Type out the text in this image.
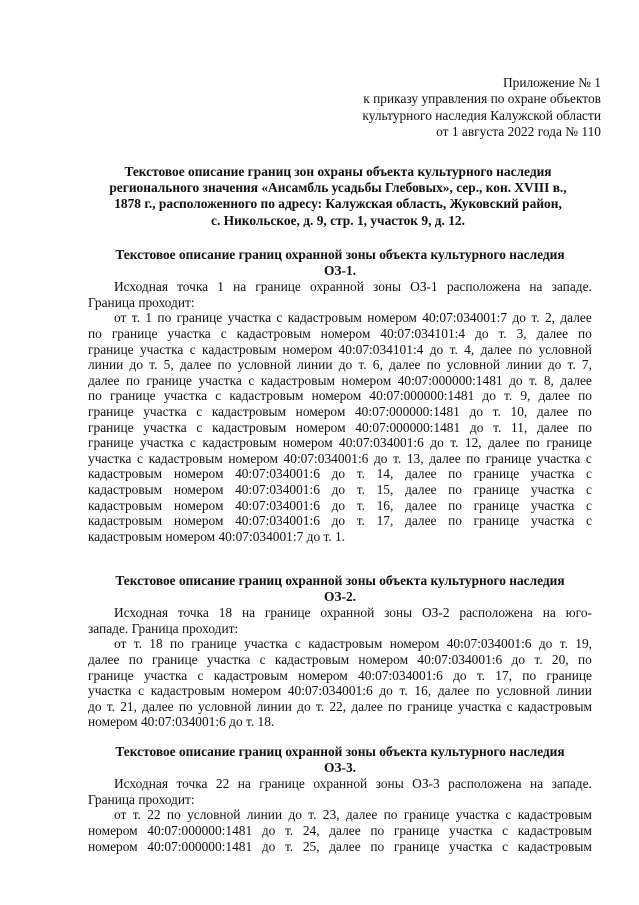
Приложение № 1
к приказу управления по охране объектов
культурного наследия Калужской области
от 1 августа 2022 года № 110
Текстовое описание границ зон охраны объекта культурного наследия
регионального значения «Ансамбль усадьбы Глебовых», сер., кон. XVIII в.,
1878 г., расположенного по адресу: Калужская область, Жуковский район,
с. Никольское, д. 9, стр. 1, участок 9, д. 12.
Текстовое описание границ охранной зоны объекта культурного наследия
ОЗ-1.
Исходная точка 1 на границе охранной зоны ОЗ-1 расположена на западе.
Граница проходит:
от т. 1 по границе участка с кадастровым номером 40:07:034001:7 до т. 2, далее
по границе участка с кадастровым номером 40:07:034101:4 до т. 3, далее по
границе участка с кадастровым номером 40:07:034101:4 до т. 4, далее по условной
линии до т. 5, далее по условной линии до т. 6, далее по условной линии до т. 7,
далее по границе участка с кадастровым номером 40:07:000000:1481 до т. 8, далее
по границе участка с кадастровым номером 40:07:000000:1481 до т. 9, далее по
границе участка с кадастровым номером 40:07:000000:1481 до т. 10, далее по
границе участка с кадастровым номером 40:07:000000:1481 до т. 11, далее по
границе участка с кадастровым номером 40:07:034001:6 до т. 12, далее по границе
участка с кадастровым номером 40:07:034001:6 до т. 13, далее по границе участка с
кадастровым номером 40:07:034001:6 до т. 14, далее по границе участка с
кадастровым номером 40:07:034001:6 до т. 15, далее по границе участка с
кадастровым номером 40:07:034001:6 до т. 16, далее по границе участка с
кадастровым номером 40:07:034001:6 до т. 17, далее по границе участка с
кадастровым номером 40:07:034001:7 до т. 1.
Текстовое описание границ охранной зоны объекта культурного наследия
ОЗ-2.
Исходная точка 18 на границе охранной зоны ОЗ-2 расположена на юго-
западе. Граница проходит:
от т. 18 по границе участка с кадастровым номером 40:07:034001:6 до т. 19,
далее по границе участка с кадастровым номером 40:07:034001:6 до т. 20, по
границе участка с кадастровым номером 40:07:034001:6 до т. 17, по границе
участка с кадастровым номером 40:07:034001:6 до т. 16, далее по условной линии
до т. 21, далее по условной линии до т. 22, далее по границе участка с кадастровым
номером 40:07:034001:6 до т. 18.
Текстовое описание границ охранной зоны объекта культурного наследия
ОЗ-3.
Исходная точка 22 на границе охранной зоны ОЗ-3 расположена на западе.
Граница проходит:
от т. 22 по условной линии до т. 23, далее по границе участка с кадастровым
номером 40:07:000000:1481 до т. 24, далее по границе участка с кадастровым
номером 40:07:000000:1481 до т. 25, далее по границе участка с кадастровым
